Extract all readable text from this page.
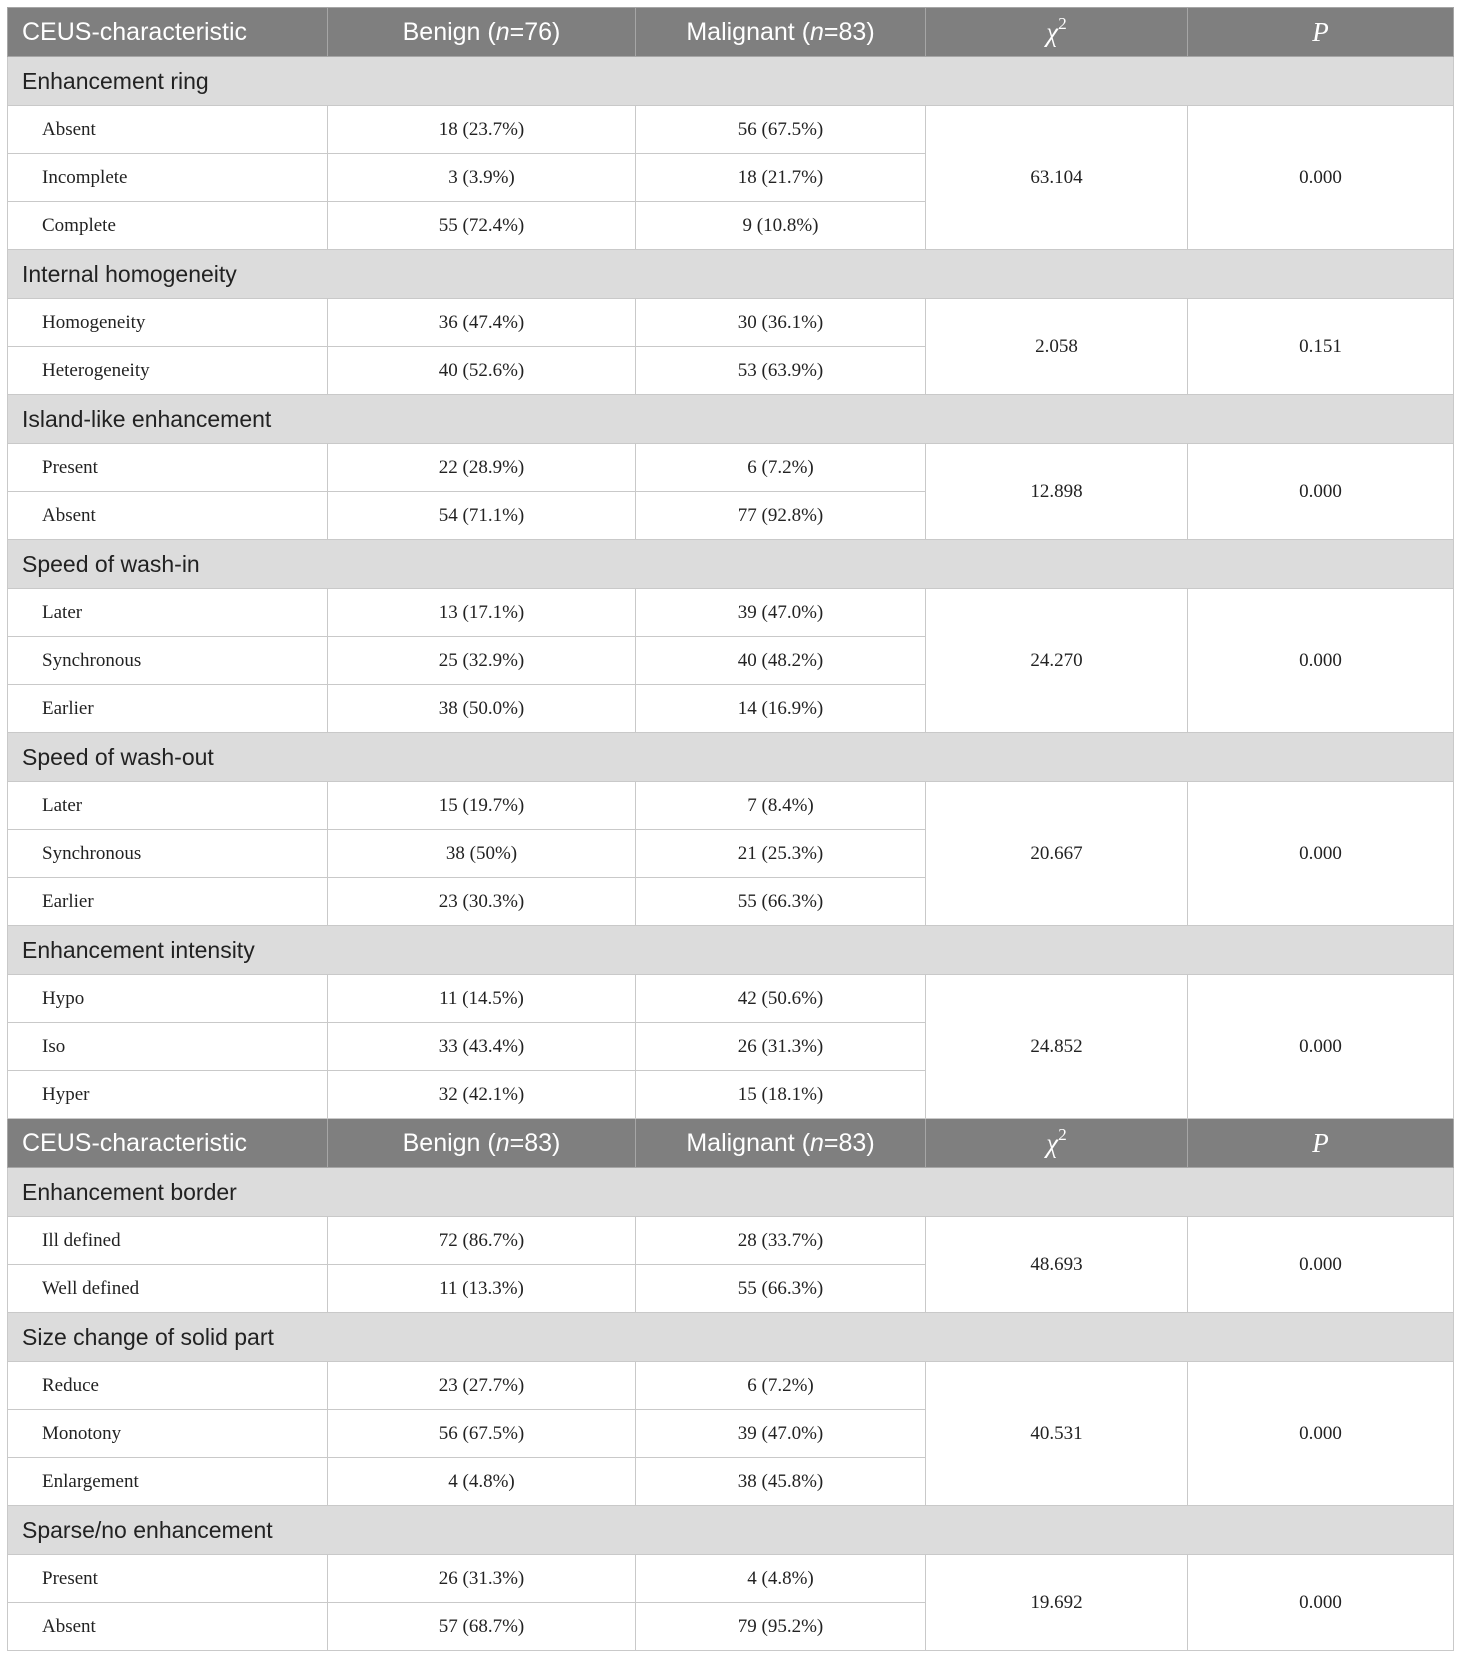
CEUS-characteristic	Benign (n=76)	Malignant (n=83)	$\chi^2$	P
Enhancement ring				
Absent	18 (23.7%)	56 (67.5%)	63.104	0.000
Incomplete	3 (3.9%)	18 (21.7%)		
Complete	55 (72.4%)	9 (10.8%)		
Internal homogeneity				
Homogeneity	36 (47.4%)	30 (36.1%)	2.058	0.151
Heterogeneity	40 (52.6%)	53 (63.9%)		
Island-like enhancement				
Present	22 (28.9%)	6 (7.2%)	12.898	0.000
Absent	54 (71.1%)	77 (92.8%)		
Speed of wash-in				
Later	13 (17.1%)	39 (47.0%)	24.270	0.000
Synchronous	25 (32.9%)	40 (48.2%)		
Earlier	38 (50.0%)	14 (16.9%)		
Speed of wash-out				
Later	15 (19.7%)	7 (8.4%)	20.667	0.000
Synchronous	38 (50%)	21 (25.3%)		
Earlier	23 (30.3%)	55 (66.3%)		
Enhancement intensity				
Hypo	11 (14.5%)	42 (50.6%)	24.852	0.000
Iso	33 (43.4%)	26 (31.3%)		
Hyper	32 (42.1%)	15 (18.1%)		
CEUS-characteristic	Benign (n=83)	Malignant (n=83)	$\chi^2$	P
Enhancement border				
Ill defined	72 (86.7%)	28 (33.7%)	48.693	0.000
Well defined	11 (13.3%)	55 (66.3%)		
Size change of solid part				
Reduce	23 (27.7%)	6 (7.2%)	40.531	0.000
Monotony	56 (67.5%)	39 (47.0%)		
Enlargement	4 (4.8%)	38 (45.8%)		
Sparse/no enhancement				
Present	26 (31.3%)	4 (4.8%)	19.692	0.000
Absent	57 (68.7%)	79 (95.2%)		
